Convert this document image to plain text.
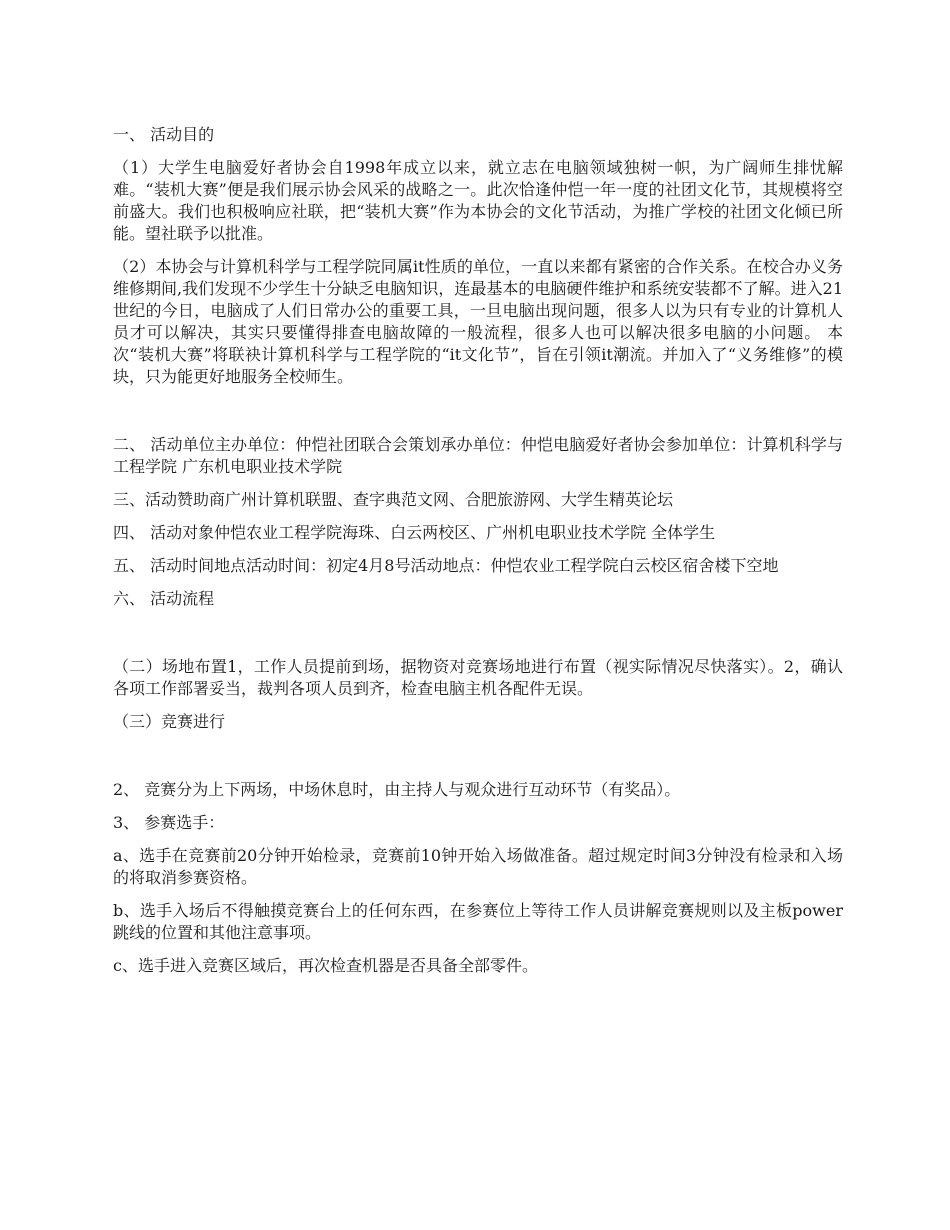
一、 活动目的

（1）大学生电脑爱好者协会自1998年成立以来，就立志在电脑领域独树一帜，为广阔师生排忧解难。“装机大赛”便是我们展示协会风采的战略之一。此次恰逢仲恺一年一度的社团文化节，其规模将空前盛大。我们也积极响应社联，把“装机大赛”作为本协会的文化节活动，为推广学校的社团文化倾已所能。望社联予以批准。

（2）本协会与计算机科学与工程学院同属it性质的单位，一直以来都有紧密的合作关系。在校合办义务维修期间,我们发现不少学生十分缺乏电脑知识，连最基本的电脑硬件维护和系统安装都不了解。进入21世纪的今日，电脑成了人们日常办公的重要工具，一旦电脑出现问题，很多人以为只有专业的计算机人员才可以解决，其实只要懂得排查电脑故障的一般流程，很多人也可以解决很多电脑的小问题。 本次“装机大赛”将联袂计算机科学与工程学院的“it文化节”，旨在引领it潮流。并加入了“义务维修”的模块，只为能更好地服务全校师生。

二、 活动单位主办单位：仲恺社团联合会策划承办单位：仲恺电脑爱好者协会参加单位：计算机科学与工程学院 广东机电职业技术学院

三、活动赞助商广州计算机联盟、查字典范文网、合肥旅游网、大学生精英论坛

四、 活动对象仲恺农业工程学院海珠、白云两校区、广州机电职业技术学院 全体学生

五、 活动时间地点活动时间：初定4月8号活动地点：仲恺农业工程学院白云校区宿舍楼下空地

六、 活动流程

（二）场地布置1，工作人员提前到场，据物资对竞赛场地进行布置（视实际情况尽快落实）。2，确认各项工作部署妥当，裁判各项人员到齐，检查电脑主机各配件无误。

（三）竞赛进行

2、 竞赛分为上下两场，中场休息时，由主持人与观众进行互动环节（有奖品）。

3、 参赛选手：

a、选手在竞赛前20分钟开始检录，竞赛前10钟开始入场做准备。超过规定时间3分钟没有检录和入场的将取消参赛资格。

b、选手入场后不得触摸竞赛台上的任何东西，在参赛位上等待工作人员讲解竞赛规则以及主板power跳线的位置和其他注意事项。

c、选手进入竞赛区域后，再次检查机器是否具备全部零件。
